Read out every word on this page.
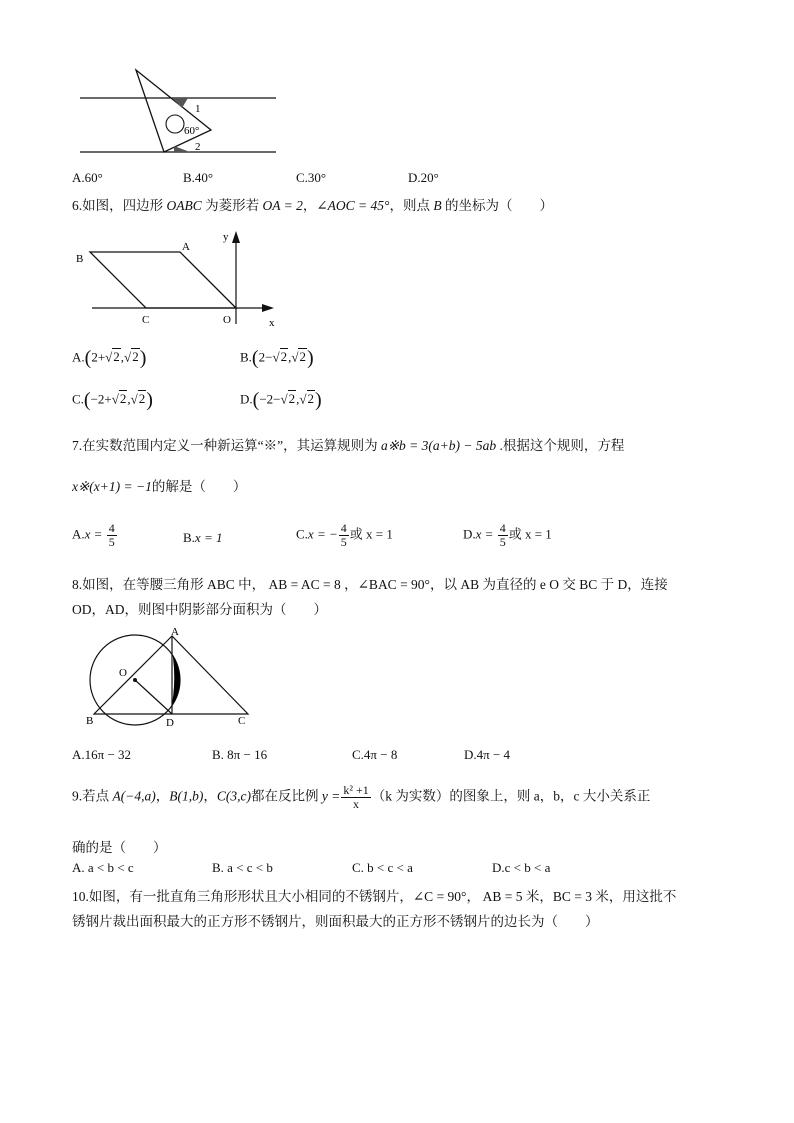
1
60°
2
A.60°	B.40°	C.30°	D.20°
6.如图，四边形 OABC 为菱形若 OA = 2，∠AOC = 45°，则点 B 的坐标为（　　）
A
B
C	O	x
y
A.(2+√2,√2)	B.(2−√2,√2)
C.(−2+√2,√2)	D.(−2−√2,√2)
7.在实数范围内定义一种新运算“※”，其运算规则为 a※b = 3(a+b) − 5ab .根据这个规则，方程
x※(x+1) = −1的解是（　　）
$A.x = \frac{4}{5}$	B.x = 1	C.x = − $\frac{4}{5}$ 或 x = 1	$D.x = \frac{4}{5}$ 或 x = 1
8.如图，在等腰三角形 ABC 中， AB = AC = 8 ，∠BAC = 90°，以 AB 为直径的 e O 交 BC 于 D，连接
OD，AD，则图中阴影部分面积为（　　）
A
O
B	D	C
A.16π − 32	B. 8π − 16	C.4π − 8	D.4π − 4
9.若点 A(−4,a)，B(1,b)，C(3,c)都在反比例 $y = \frac{\text{k² +1}}{x} (k$ 为实数）的图象上，则 a，b，c 大小关系正
确的是（　　）
A. a < b < c	B. a < c < b	C. b < c < a	D.c < b < a
10.如图，有一批直角三角形形状且大小相同的不锈钢片，∠C = 90°， AB = 5 米，BC = 3 米，用这批不
锈钢片裁出面积最大的正方形不锈钢片，则面积最大的正方形不锈钢片的边长为（　　）
